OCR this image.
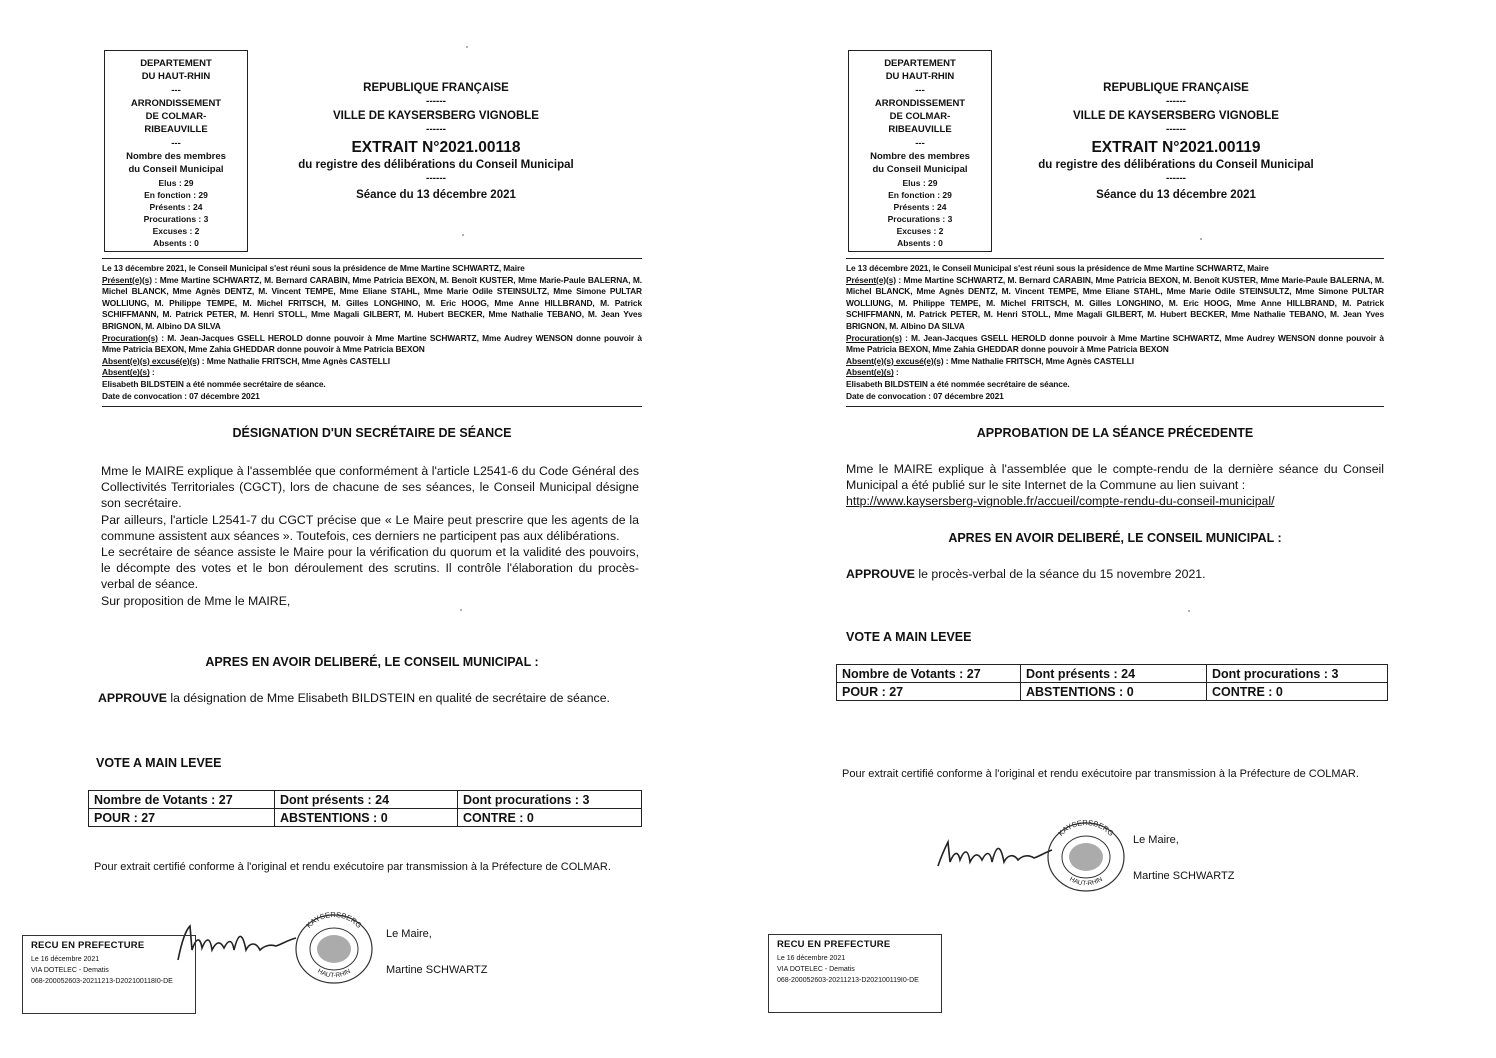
DEPARTEMENT
DU HAUT-RHIN
---
ARRONDISSEMENT
DE COLMAR-
RIBEAUVILLE
---
Nombre des membres
du Conseil Municipal
Elus : 29
En fonction : 29
Présents : 24
Procurations : 3
Excuses : 2
Absents : 0
REPUBLIQUE FRANÇAISE
------
VILLE DE KAYSERSBERG VIGNOBLE
------
EXTRAIT N°2021.00118
du registre des délibérations du Conseil Municipal
------
Séance du 13 décembre 2021

Le 13 décembre 2021, le Conseil Municipal s'est réuni sous la présidence de Mme Martine SCHWARTZ, Maire

Présent(e)(s) : Mme Martine SCHWARTZ, M. Bernard CARABIN, Mme Patricia BEXON, M. Benoît KUSTER, Mme Marie-Paule BALERNA, M. Michel BLANCK, Mme Agnès DENTZ, M. Vincent TEMPE, Mme Eliane STAHL, Mme Marie Odile STEINSULTZ, Mme Simone PULTAR WOLLIUNG, M. Philippe TEMPE, M. Michel FRITSCH, M. Gilles LONGHINO, M. Eric HOOG, Mme Anne HILLBRAND, M. Patrick SCHIFFMANN, M. Patrick PETER, M. Henri STOLL, Mme Magali GILBERT, M. Hubert BECKER, Mme Nathalie TEBANO, M. Jean Yves BRIGNON, M. Albino DA SILVA

Procuration(s) : M. Jean-Jacques GSELL HEROLD donne pouvoir à Mme Martine SCHWARTZ, Mme Audrey WENSON donne pouvoir à Mme Patricia BEXON, Mme Zahia GHEDDAR donne pouvoir à Mme Patricia BEXON

Absent(e)(s) excusé(e)(s) : Mme Nathalie FRITSCH, Mme Agnès CASTELLI

Absent(e)(s) :

Elisabeth BILDSTEIN a été nommée secrétaire de séance.

Date de convocation : 07 décembre 2021

DÉSIGNATION D'UN SECRÉTAIRE DE SÉANCE

Mme le MAIRE explique à l'assemblée que conformément à l'article L2541-6 du Code Général des Collectivités Territoriales (CGCT), lors de chacune de ses séances, le Conseil Municipal désigne son secrétaire.

Par ailleurs, l'article L2541-7 du CGCT précise que « Le Maire peut prescrire que les agents de la commune assistent aux séances ». Toutefois, ces derniers ne participent pas aux délibérations.

Le secrétaire de séance assiste le Maire pour la vérification du quorum et la validité des pouvoirs, le décompte des votes et le bon déroulement des scrutins. Il contrôle l'élaboration du procès-verbal de séance.

Sur proposition de Mme le MAIRE,

APRES EN AVOIR DELIBERÉ, LE CONSEIL MUNICIPAL :

APPROUVE la désignation de Mme Elisabeth BILDSTEIN en qualité de secrétaire de séance.

VOTE A MAIN LEVEE
Nombre de Votants : 27	Dont présents : 24	Dont procurations : 3
POUR : 27	ABSTENTIONS : 0	CONTRE : 0
Pour extrait certifié conforme à l'original et rendu exécutoire par transmission à la Préfecture de COLMAR.
KAYSERSBERG
HAUT-RHIN
Le Maire,
Martine SCHWARTZ
RECU EN PREFECTURE
Le 16 décembre 2021
VIA DOTELEC - Dematis
068-200052603-20211213-D202100118I0-DE
DEPARTEMENT
DU HAUT-RHIN
---
ARRONDISSEMENT
DE COLMAR-
RIBEAUVILLE
---
Nombre des membres
du Conseil Municipal
Elus : 29
En fonction : 29
Présents : 24
Procurations : 3
Excuses : 2
Absents : 0
REPUBLIQUE FRANÇAISE
------
VILLE DE KAYSERSBERG VIGNOBLE
------
EXTRAIT N°2021.00119
du registre des délibérations du Conseil Municipal
------
Séance du 13 décembre 2021

Le 13 décembre 2021, le Conseil Municipal s'est réuni sous la présidence de Mme Martine SCHWARTZ, Maire

Présent(e)(s) : Mme Martine SCHWARTZ, M. Bernard CARABIN, Mme Patricia BEXON, M. Benoît KUSTER, Mme Marie-Paule BALERNA, M. Michel BLANCK, Mme Agnès DENTZ, M. Vincent TEMPE, Mme Eliane STAHL, Mme Marie Odile STEINSULTZ, Mme Simone PULTAR WOLLIUNG, M. Philippe TEMPE, M. Michel FRITSCH, M. Gilles LONGHINO, M. Eric HOOG, Mme Anne HILLBRAND, M. Patrick SCHIFFMANN, M. Patrick PETER, M. Henri STOLL, Mme Magali GILBERT, M. Hubert BECKER, Mme Nathalie TEBANO, M. Jean Yves BRIGNON, M. Albino DA SILVA

Procuration(s) : M. Jean-Jacques GSELL HEROLD donne pouvoir à Mme Martine SCHWARTZ, Mme Audrey WENSON donne pouvoir à Mme Patricia BEXON, Mme Zahia GHEDDAR donne pouvoir à Mme Patricia BEXON

Absent(e)(s) excusé(e)(s) : Mme Nathalie FRITSCH, Mme Agnès CASTELLI

Absent(e)(s) :

Elisabeth BILDSTEIN a été nommée secrétaire de séance.

Date de convocation : 07 décembre 2021

APPROBATION DE LA SÉANCE PRÉCEDENTE

Mme le MAIRE explique à l'assemblée que le compte-rendu de la dernière séance du Conseil Municipal a été publié sur le site Internet de la Commune au lien suivant :

http://www.kaysersberg-vignoble.fr/accueil/compte-rendu-du-conseil-municipal/

APRES EN AVOIR DELIBERÉ, LE CONSEIL MUNICIPAL :

APPROUVE le procès-verbal de la séance du 15 novembre 2021.

VOTE A MAIN LEVEE
Nombre de Votants : 27	Dont présents : 24	Dont procurations : 3
POUR : 27	ABSTENTIONS : 0	CONTRE : 0
Pour extrait certifié conforme à l'original et rendu exécutoire par transmission à la Préfecture de COLMAR.
KAYSERSBERG
HAUT-RHIN
Le Maire,
Martine SCHWARTZ
RECU EN PREFECTURE
Le 16 décembre 2021
VIA DOTELEC - Dematis
068-200052603-20211213-D202100119I0-DE
